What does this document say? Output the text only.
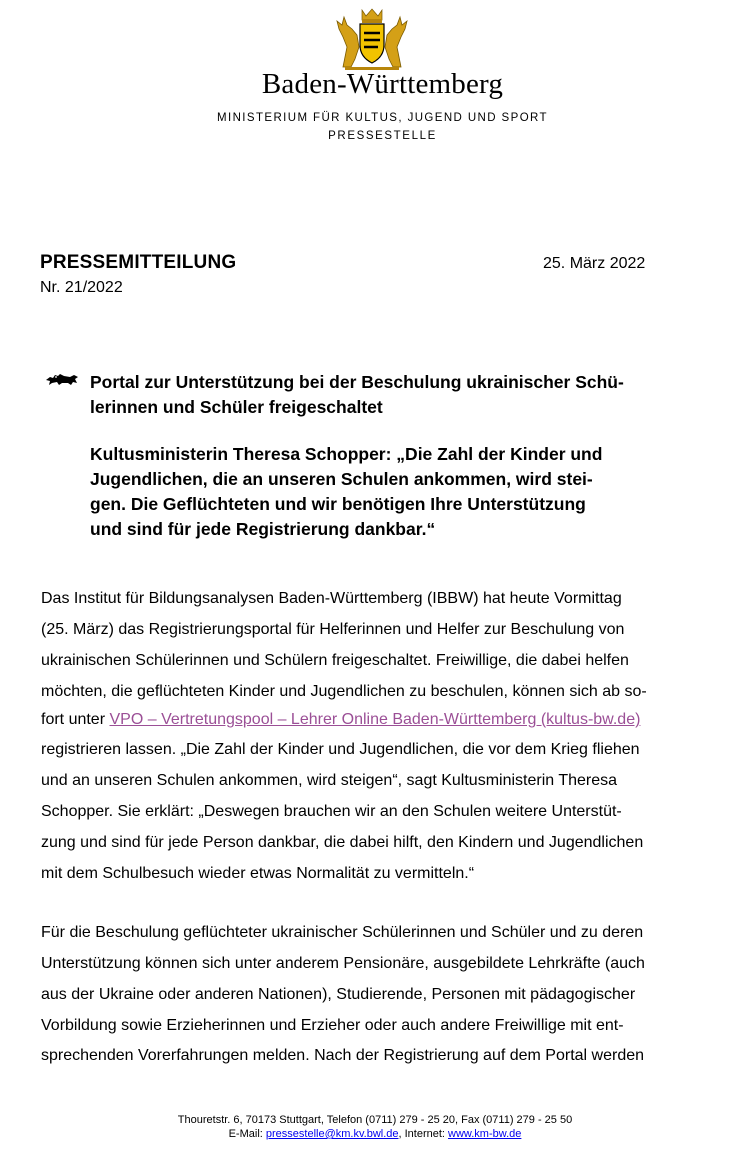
Baden-Württemberg
MINISTERIUM FÜR KULTUS, JUGEND UND SPORT
PRESSESTELLE
PRESSEMITTEILUNG	25. März 2022
Nr. 21/2022
Portal zur Unterstützung bei der Beschulung ukrainischer Schü-
lerinnen und Schüler freigeschaltet
Kultusministerin Theresa Schopper: „Die Zahl der Kinder und
Jugendlichen, die an unseren Schulen ankommen, wird stei-
gen. Die Geflüchteten und wir benötigen Ihre Unterstützung
und sind für jede Registrierung dankbar.“
Das Institut für Bildungsanalysen Baden-Württemberg (IBBW) hat heute Vormittag
(25. März) das Registrierungsportal für Helferinnen und Helfer zur Beschulung von
ukrainischen Schülerinnen und Schülern freigeschaltet. Freiwillige, die dabei helfen
möchten, die geflüchteten Kinder und Jugendlichen zu beschulen, können sich ab so-
fort unter VPO – Vertretungspool – Lehrer Online Baden-Württemberg (kultus-bw.de)
registrieren lassen. „Die Zahl der Kinder und Jugendlichen, die vor dem Krieg fliehen
und an unseren Schulen ankommen, wird steigen“, sagt Kultusministerin Theresa
Schopper. Sie erklärt: „Deswegen brauchen wir an den Schulen weitere Unterstüt-
zung und sind für jede Person dankbar, die dabei hilft, den Kindern und Jugendlichen
mit dem Schulbesuch wieder etwas Normalität zu vermitteln.“
Für die Beschulung geflüchteter ukrainischer Schülerinnen und Schüler und zu deren
Unterstützung können sich unter anderem Pensionäre, ausgebildete Lehrkräfte (auch
aus der Ukraine oder anderen Nationen), Studierende, Personen mit pädagogischer
Vorbildung sowie Erzieherinnen und Erzieher oder auch andere Freiwillige mit ent-
sprechenden Vorerfahrungen melden. Nach der Registrierung auf dem Portal werden
Thouretstr. 6, 70173 Stuttgart, Telefon (0711) 279 - 25 20, Fax (0711) 279 - 25 50
E-Mail: pressestelle@km.kv.bwl.de, Internet: www.km-bw.de
